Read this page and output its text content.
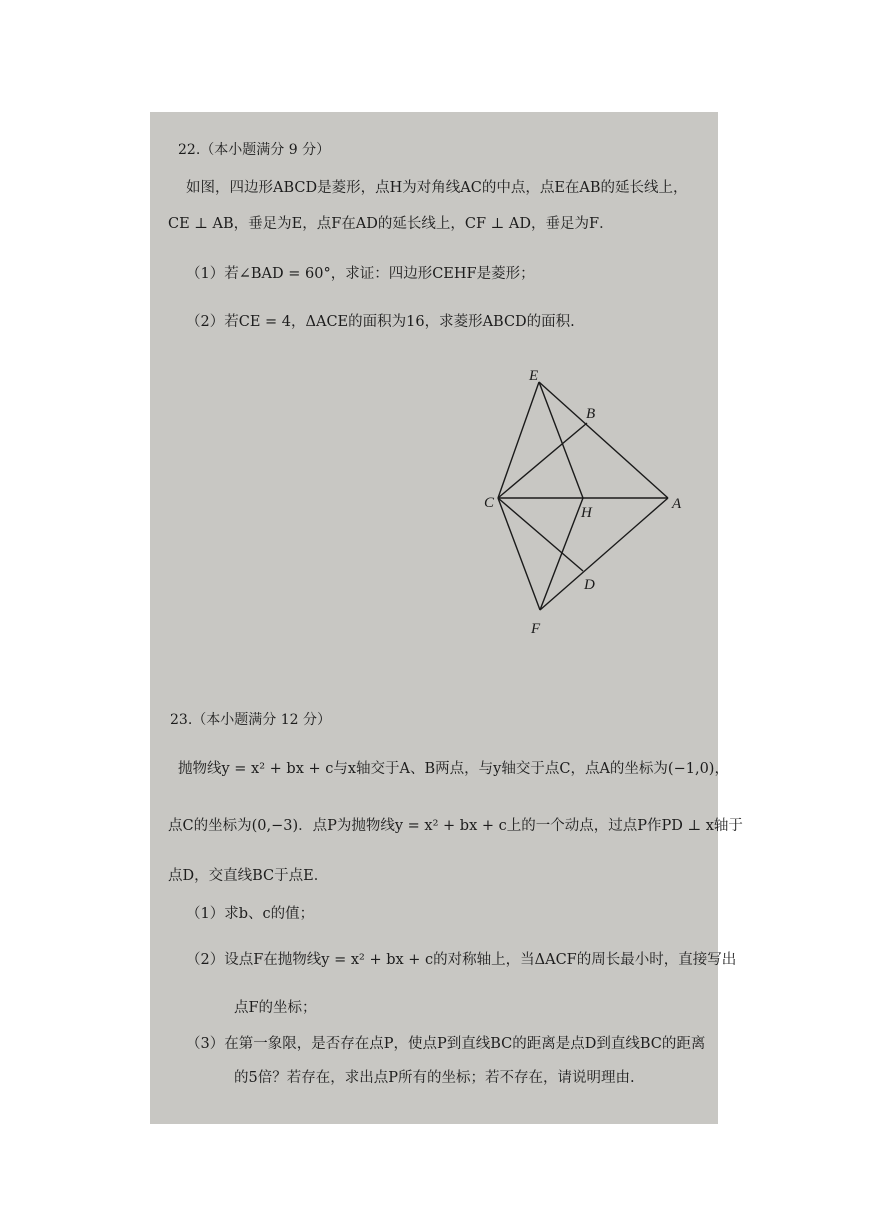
22.（本小题满分 9 分）
如图，四边形ABCD是菱形，点H为对角线AC的中点，点E在AB的延长线上，
CE ⊥ AB，垂足为E，点F在AD的延长线上，CF ⊥ AD，垂足为F．
（1）若∠BAD = 60°，求证：四边形CEHF是菱形；
（2）若CE = 4，ΔACE的面积为16，求菱形ABCD的面积.
E
B
C
H
A
D
F
23.（本小题满分 12 分）
抛物线y = x² + bx + c与x轴交于A、B两点，与y轴交于点C，点A的坐标为(−1,0)，
点C的坐标为(0,−3)．点P为抛物线y = x² + bx + c上的一个动点，过点P作PD ⊥ x轴于
点D，交直线BC于点E．
（1）求b、c的值；
（2）设点F在抛物线y = x² + bx + c的对称轴上，当ΔACF的周长最小时，直接写出
点F的坐标；
（3）在第一象限，是否存在点P，使点P到直线BC的距离是点D到直线BC的距离
的5倍？若存在，求出点P所有的坐标；若不存在，请说明理由.
